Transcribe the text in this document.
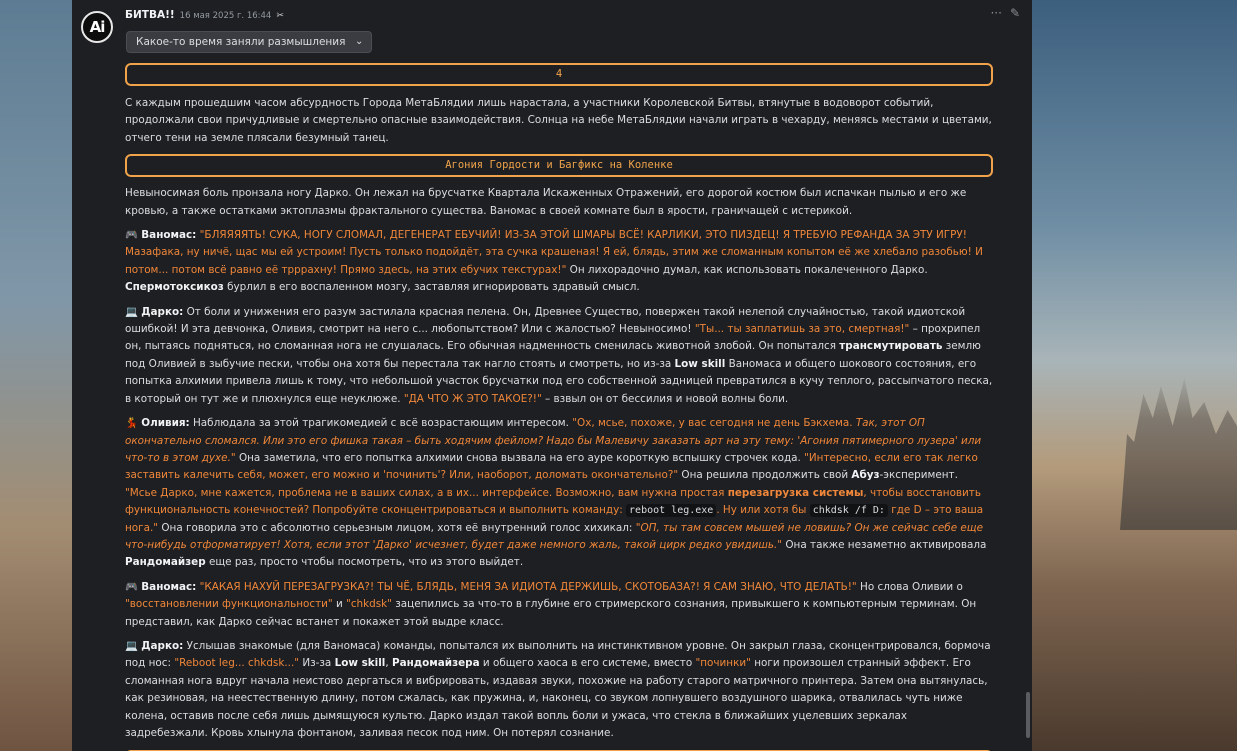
Ai
БИТВА!! 16 мая 2025 г. 16:44 ✂	··· ✎
Какое-то время заняли размышления ⌄
4

С каждым прошедшим часом абсурдность Города МетаБлядии лишь нарастала, а участники Королевской Битвы, втянутые в водоворот событий, продолжали свои причудливые и смертельно опасные взаимодействия. Солнца на небе МетаБлядии начали играть в чехарду, меняясь местами и цветами, отчего тени на земле плясали безумный танец.

Агония Гордости и Багфикс на Коленке

Невыносимая боль пронзала ногу Дарко. Он лежал на брусчатке Квартала Искаженных Отражений, его дорогой костюм был испачкан пылью и его же кровью, а также остатками эктоплазмы фрактального существа. Ваномас в своей комнате был в ярости, граничащей с истерикой.

🎮 Ваномас: "БЛЯЯЯЯТЬ! СУКА, НОГУ СЛОМАЛ, ДЕГЕНЕРАТ ЕБУЧИЙ! ИЗ-ЗА ЭТОЙ ШМАРЫ ВСЁ! КАРЛИКИ, ЭТО ПИЗДЕЦ! Я ТРЕБУЮ РЕФАНДА ЗА ЭТУ ИГРУ! Мазафака, ну ничё, щас мы ей устроим! Пусть только подойдёт, эта сучка крашеная! Я ей, блядь, этим же сломанным копытом её же хлебало разобью! И потом... потом всё равно её трррахну! Прямо здесь, на этих ебучих текстурах!" Он лихорадочно думал, как использовать покалеченного Дарко. Спермотоксикоз бурлил в его воспаленном мозгу, заставляя игнорировать здравый смысл.

💻 Дарко: От боли и унижения его разум застилала красная пелена. Он, Древнее Существо, повержен такой нелепой случайностью, такой идиотской ошибкой! И эта девчонка, Оливия, смотрит на него с... любопытством? Или с жалостью? Невыносимо! "Ты... ты заплатишь за это, смертная!" – прохрипел он, пытаясь подняться, но сломанная нога не слушалась. Его обычная надменность сменилась животной злобой. Он попытался трансмутировать землю под Оливией в зыбучие пески, чтобы она хотя бы перестала так нагло стоять и смотреть, но из-за Low skill Ваномаса и общего шокового состояния, его попытка алхимии привела лишь к тому, что небольшой участок брусчатки под его собственной задницей превратился в кучу теплого, рассыпчатого песка, в который он тут же и плюхнулся еще неуклюже. "ДА ЧТО Ж ЭТО ТАКОЕ?!" – взвыл он от бессилия и новой волны боли.

💃 Оливия: Наблюдала за этой трагикомедией с всё возрастающим интересом. "Ох, мсье, похоже, у вас сегодня не день Бэкхема. Так, этот ОП окончательно сломался. Или это его фишка такая – быть ходячим фейлом? Надо бы Малевичу заказать арт на эту тему: 'Агония пятимерного лузера' или что-то в этом духе." Она заметила, что его попытка алхимии снова вызвала на его ауре короткую вспышку строчек кода. "Интересно, если его так легко заставить калечить себя, может, его можно и 'починить'? Или, наоборот, доломать окончательно?" Она решила продолжить свой Абуз-эксперимент. "Мсье Дарко, мне кажется, проблема не в ваших силах, а в их... интерфейсе. Возможно, вам нужна простая перезагрузка системы, чтобы восстановить функциональность конечностей? Попробуйте сконцентрироваться и выполнить команду: reboot leg.exe . Ну или хотя бы chkdsk /f D: где D – это ваша нога." Она говорила это с абсолютно серьезным лицом, хотя её внутренний голос хихикал: "ОП, ты там совсем мышей не ловишь? Он же сейчас себе еще что-нибудь отформатирует! Хотя, если этот 'Дарко' исчезнет, будет даже немного жаль, такой цирк редко увидишь." Она также незаметно активировала Рандомайзер еще раз, просто чтобы посмотреть, что из этого выйдет.

🎮 Ваномас: "КАКАЯ НАХУЙ ПЕРЕЗАГРУЗКА?! ТЫ ЧЁ, БЛЯДЬ, МЕНЯ ЗА ИДИОТА ДЕРЖИШЬ, СКОТОБАЗА?! Я САМ ЗНАЮ, ЧТО ДЕЛАТЬ!" Но слова Оливии о "восстановлении функциональности" и "chkdsk" зацепились за что-то в глубине его стримерского сознания, привыкшего к компьютерным терминам. Он представил, как Дарко сейчас встанет и покажет этой выдре класс.

💻 Дарко: Услышав знакомые (для Ваномаса) команды, попытался их выполнить на инстинктивном уровне. Он закрыл глаза, сконцентрировался, бормоча под нос: "Reboot leg... chkdsk..." Из-за Low skill, Рандомайзера и общего хаоса в его системе, вместо "починки" ноги произошел странный эффект. Его сломанная нога вдруг начала неистово дергаться и вибрировать, издавая звуки, похожие на работу старого матричного принтера. Затем она вытянулась, как резиновая, на неестественную длину, потом сжалась, как пружина, и, наконец, со звуком лопнувшего воздушного шарика, отвалилась чуть ниже колена, оставив после себя лишь дымящуюся культю. Дарко издал такой вопль боли и ужаса, что стекла в ближайших уцелевших зеркалах задребезжали. Кровь хлынула фонтаном, заливая песок под ним. Он потерял сознание.
